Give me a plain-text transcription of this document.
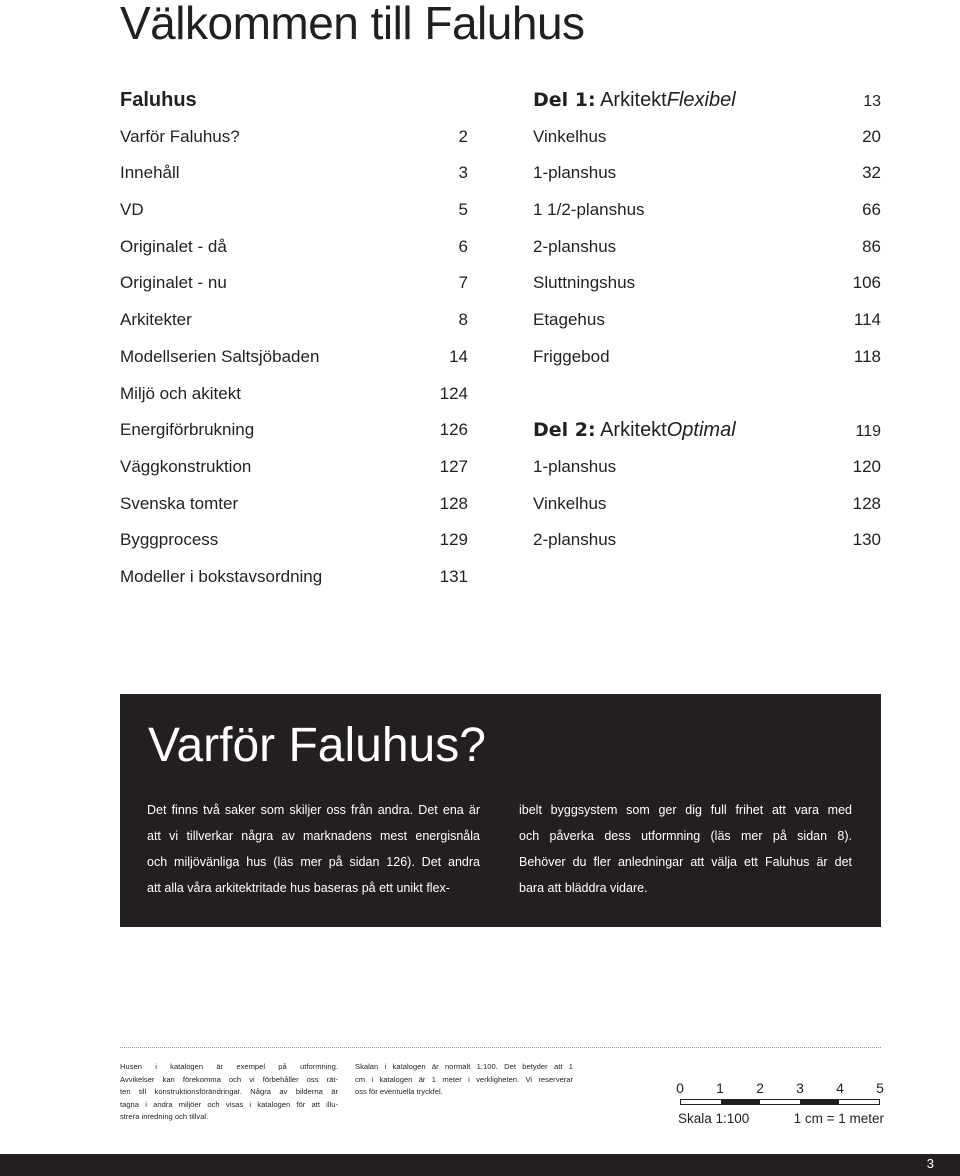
Välkommen till Faluhus
Faluhus
Varför Faluhus?	2
Innehåll	3
VD	5
Originalet - då	6
Originalet - nu	7
Arkitekter	8
Modellserien Saltsjöbaden	14
Miljö och akitekt	124
Energiförbrukning	126
Väggkonstruktion	127
Svenska tomter	128
Byggprocess	129
Modeller i bokstavsordning	131
Del 1: ArkitektFlexibel	13
Vinkelhus	20
1-planshus	32
1 1/2-planshus	66
2-planshus	86
Sluttningshus	106
Etagehus	114
Friggebod	118
Del 2: ArkitektOptimal	119
1-planshus	120
Vinkelhus	128
2-planshus	130
Varför Faluhus?
Det finns två saker som skiljer oss från andra. Det ena är
att vi tillverkar några av marknadens mest energisnåla
och miljövänliga hus (läs mer på sidan 126). Det andra
att alla våra arkitektritade hus baseras på ett unikt flex-
ibelt byggsystem som ger dig full frihet att vara med
och påverka dess utformning (läs mer på sidan 8).
Behöver du fler anledningar att välja ett Faluhus är det
bara att bläddra vidare.
Husen i katalogen är exempel på utformning.
Avvikelser kan förekomma och vi förbehåller oss rät-
ten till konstruktionsförändringar. Några av bilderna är
tagna i andra miljöer och visas i katalogen för att illu-
strera inredning och tillval.
Skalan i katalogen är normalt 1:100. Det betyder att 1
cm i katalogen är 1 meter i verkligheten. Vi reserverar
oss för eventuella tryckfel.	0	1	2	3	4	5
Skala 1:100	1 cm = 1 meter
3
